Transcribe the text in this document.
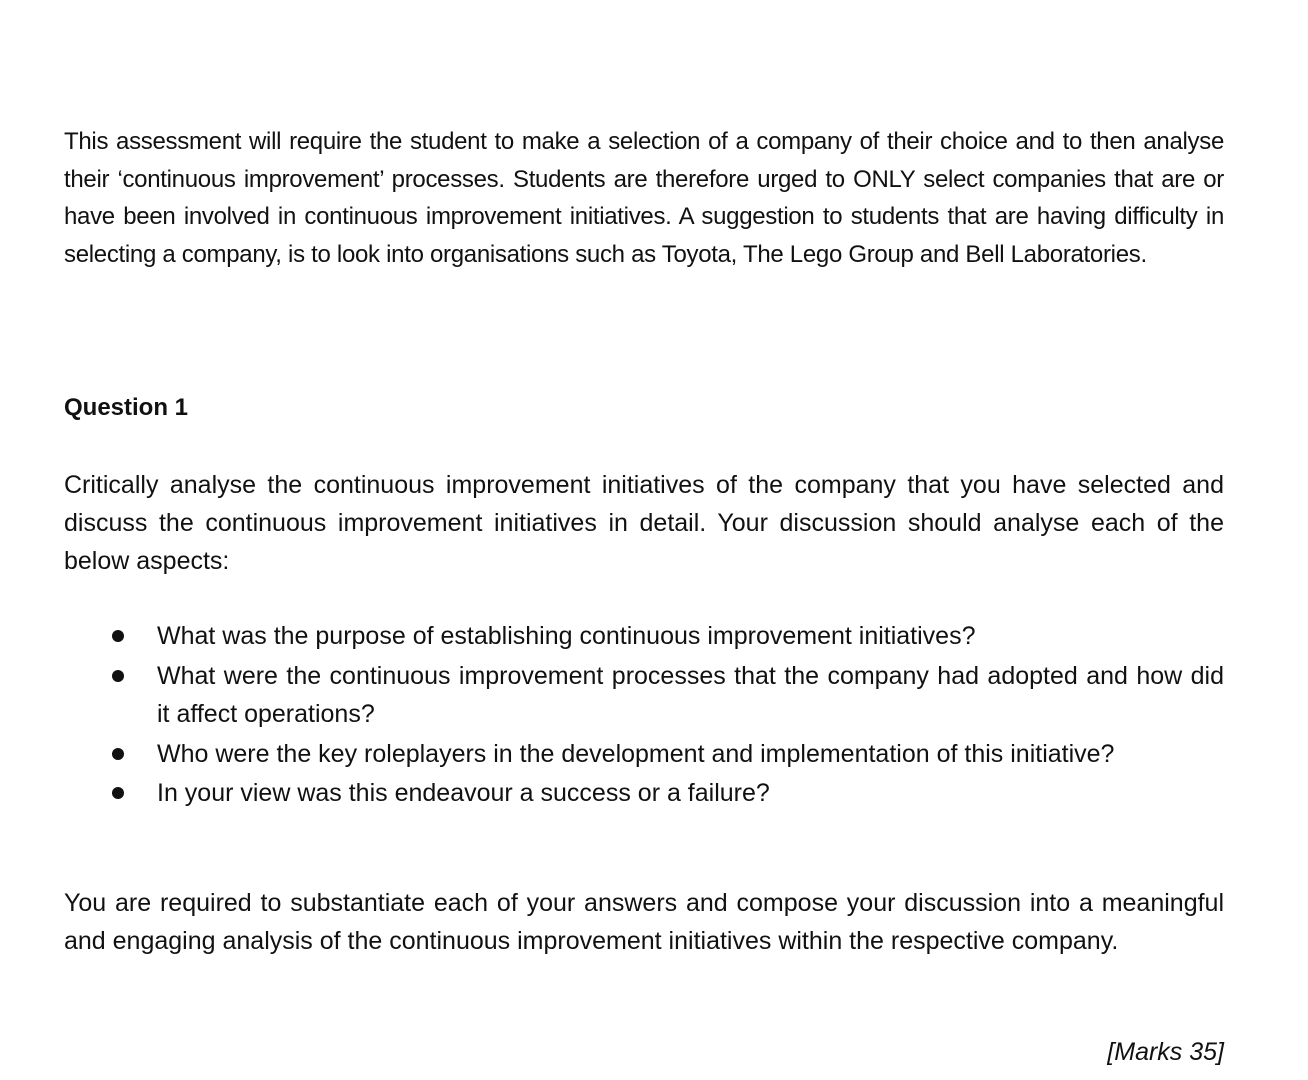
This assessment will require the student to make a selection of a company of their choice and to then analyse their ‘continuous improvement’ processes. Students are therefore urged to ONLY select companies that are or have been involved in continuous improvement initiatives. A suggestion to students that are having difficulty in selecting a company, is to look into organisations such as Toyota, The Lego Group and Bell Laboratories.

Question 1

Critically analyse the continuous improvement initiatives of the company that you have selected and discuss the continuous improvement initiatives in detail. Your discussion should analyse each of the below aspects:

What was the purpose of establishing continuous improvement initiatives?
What were the continuous improvement processes that the company had adopted and how did it affect operations?
Who were the key roleplayers in the development and implementation of this initiative?
In your view was this endeavour a success or a failure?

You are required to substantiate each of your answers and compose your discussion into a meaningful and engaging analysis of the continuous improvement initiatives within the respective company.

[Marks 35]
